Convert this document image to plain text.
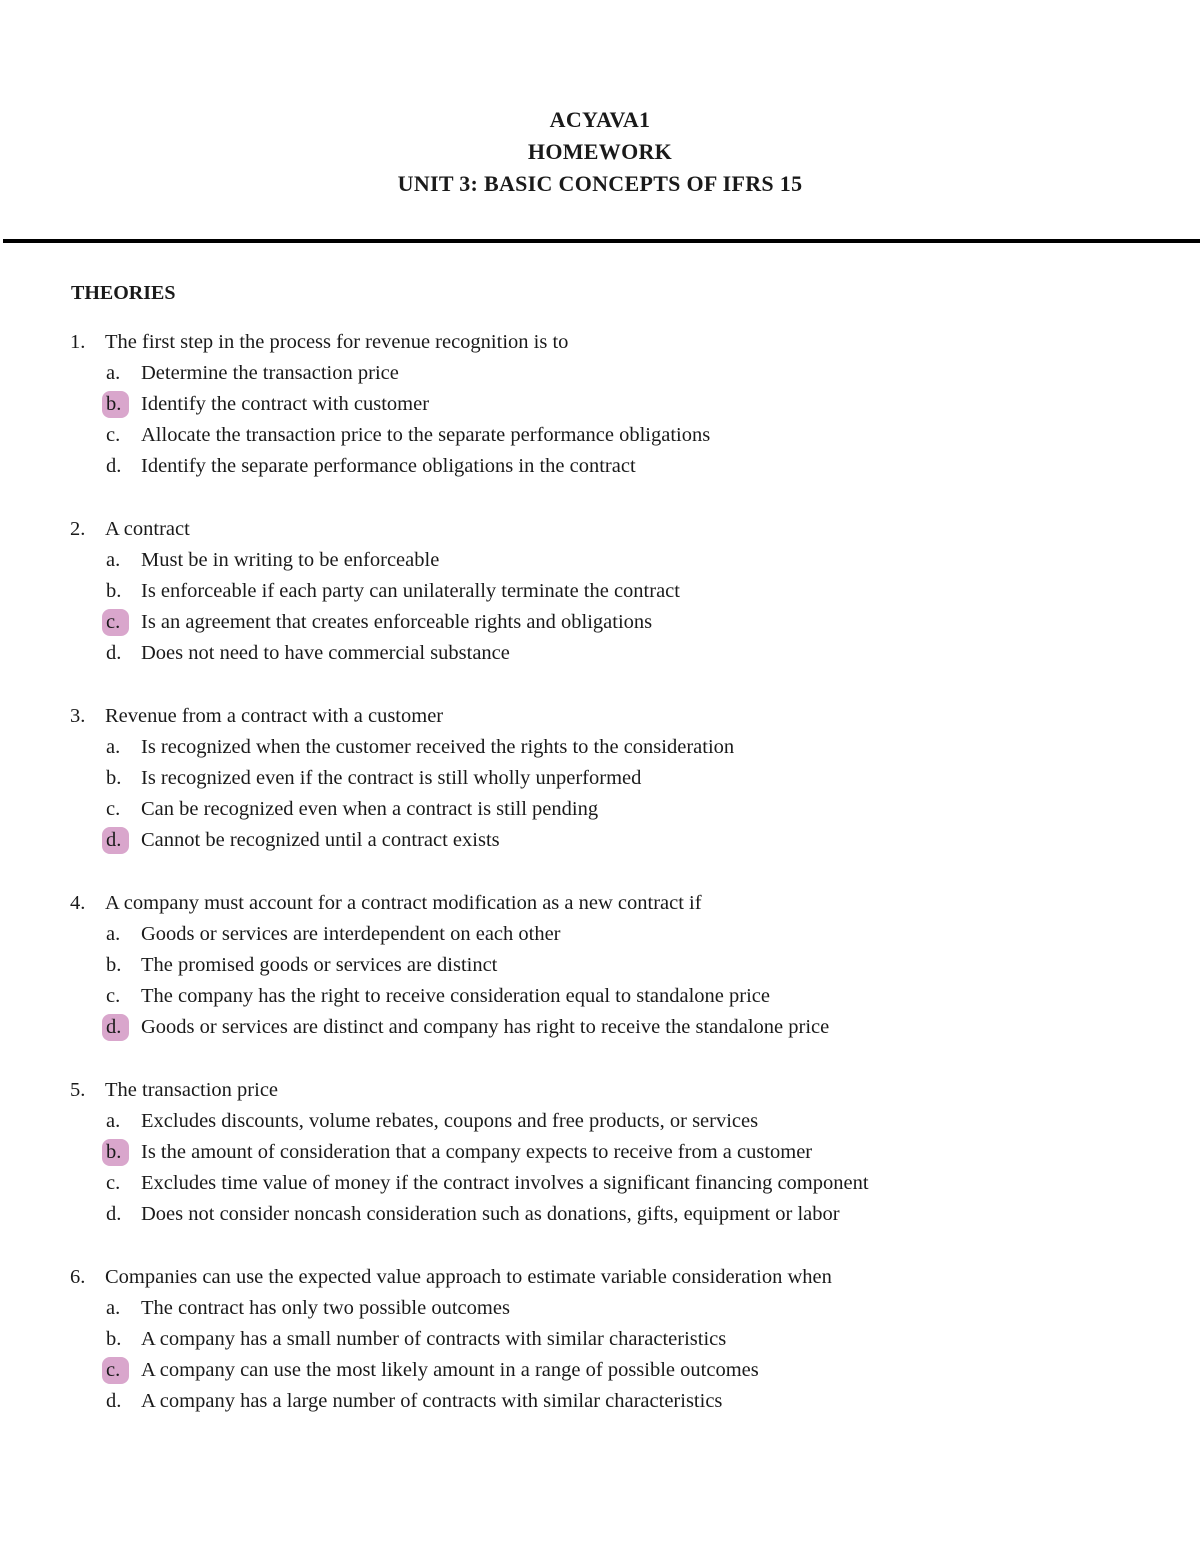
ACYAVA1
HOMEWORK
UNIT 3: BASIC CONCEPTS OF IFRS 15
THEORIES
1. The first step in the process for revenue recognition is to
a.	Determine the transaction price
b. Identify the contract with customer
c.	Allocate the transaction price to the separate performance obligations
d. Identify the separate performance obligations in the contract
2. A contract
a.	Must be in writing to be enforceable
b. Is enforceable if each party can unilaterally terminate the contract
c.	Is an agreement that creates enforceable rights and obligations
d. Does not need to have commercial substance
3. Revenue from a contract with a customer
a.	Is recognized when the customer received the rights to the consideration
b. Is recognized even if the contract is still wholly unperformed
c.	Can be recognized even when a contract is still pending
d. Cannot be recognized until a contract exists
4. A company must account for a contract modification as a new contract if
a.	Goods or services are interdependent on each other
b. The promised goods or services are distinct
c.	The company has the right to receive consideration equal to standalone price
d. Goods or services are distinct and company has right to receive the standalone price
5. The transaction price
a.	Excludes discounts, volume rebates, coupons and free products, or services
b. Is the amount of consideration that a company expects to receive from a customer
c.	Excludes time value of money if the contract involves a significant financing component
d. Does not consider noncash consideration such as donations, gifts, equipment or labor
6. Companies can use the expected value approach to estimate variable consideration when
a.	The contract has only two possible outcomes
b. A company has a small number of contracts with similar characteristics
c.	A company can use the most likely amount in a range of possible outcomes
d. A company has a large number of contracts with similar characteristics
